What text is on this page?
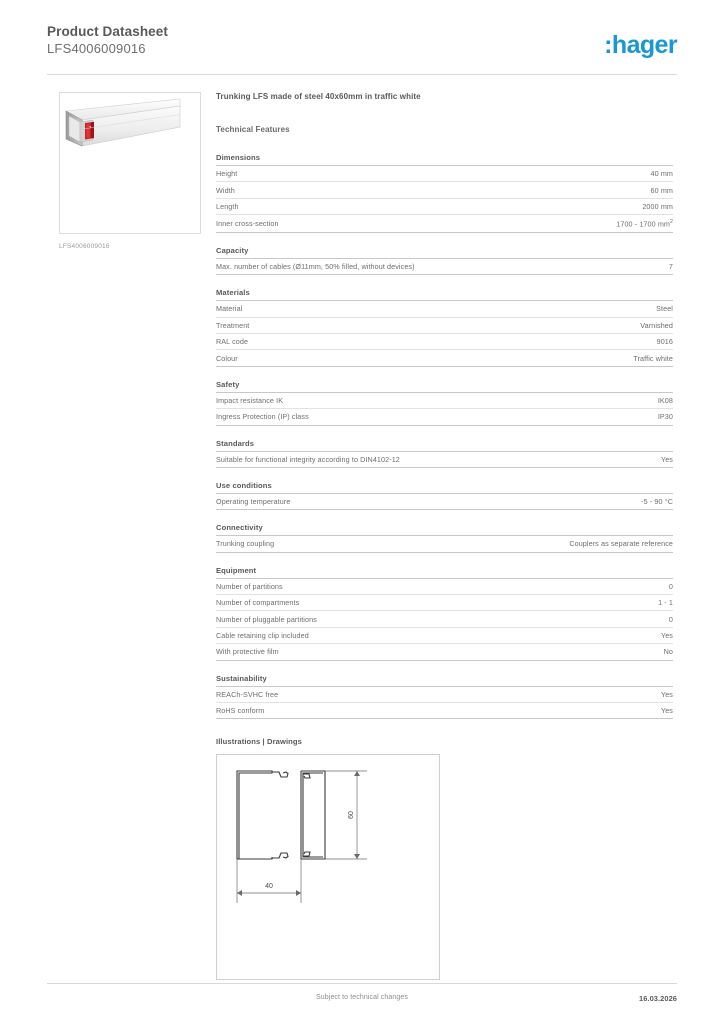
Product Datasheet
LFS4006009016	:hager
LFS4006009016
Trunking LFS made of steel 40x60mm in traffic white
Technical Features
Dimensions
Height	40 mm
Width	60 mm
Length	2000 mm
Inner cross-section	1700 - 1700 $mm^2$
Capacity
Max. number of cables (Ø11mm, 50% filled, without devices)	7
Materials
Material	Steel
Treatment	Varnished
RAL code	9016
Colour	Traffic white
Safety
Impact resistance IK	IK08
Ingress Protection (IP) class	IP30
Standards
Suitable for functional integrity according to DIN4102-12	Yes
Use conditions
Operating temperature	-5 - 90 °C
Connectivity
Trunking coupling	Couplers as separate reference
Equipment
Number of partitions	0
Number of compartments	1 - 1
Number of pluggable partitions	0
Cable retaining clip included	Yes
With protective film	No
Sustainability
REACh-SVHC free	Yes
RoHS conform	Yes
Illustrations | Drawings
60
40
Subject to technical changes	16.03.2026
